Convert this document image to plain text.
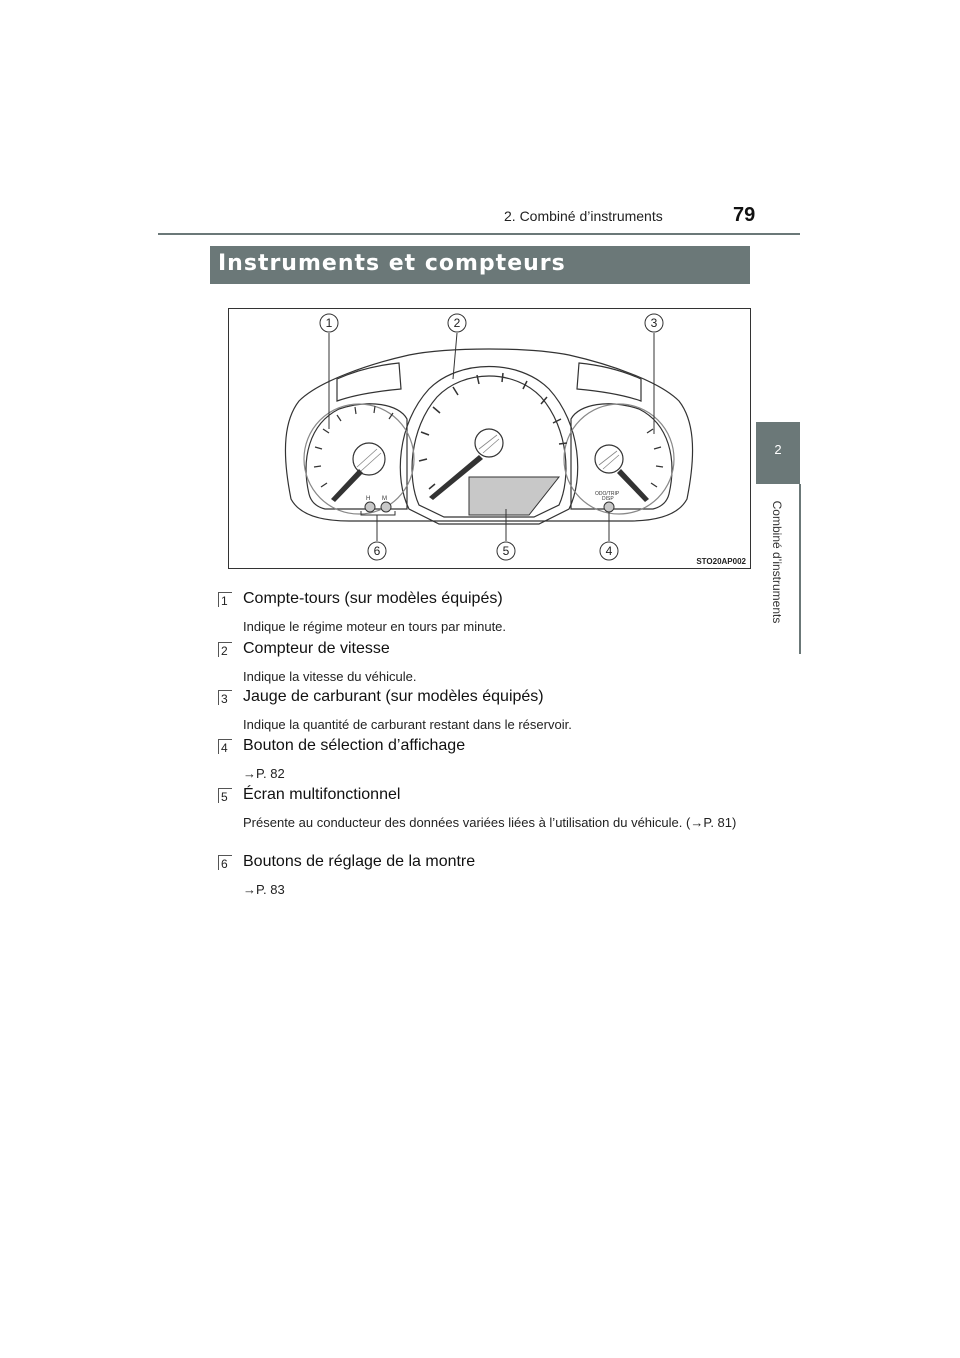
2. Combiné d’instruments	79
2
Combiné d’instruments
Instruments et compteurs
H M
ODO/TRIP
DISP
1	2	3
4
5
6
STO20AP002
1 Compte-tours (sur modèles équipés)
Indique le régime moteur en tours par minute.
2 Compteur de vitesse
Indique la vitesse du véhicule.
3 Jauge de carburant (sur modèles équipés)
Indique la quantité de carburant restant dans le réservoir.
4 Bouton de sélection d’affichage
→P. 82
5 Écran multifonctionnel
Présente au conducteur des données variées liées à l’utilisation du véhicule. (→P. 81)
6 Boutons de réglage de la montre
→P. 83
